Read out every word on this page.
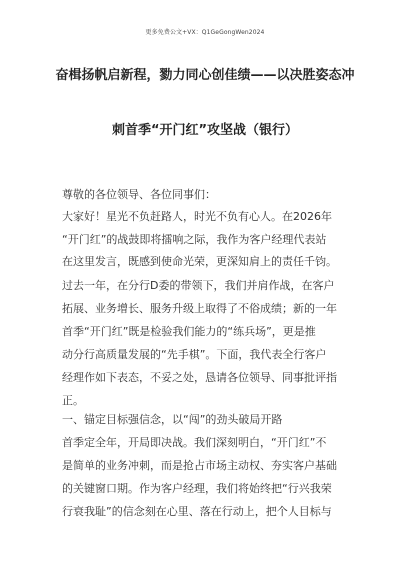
更多免费公文+VX：Q1GeGongWen2024
奋楫扬帆启新程，勠力同心创佳绩——以决胜姿态冲
刺首季“开门红”攻坚战（银行）
尊敬的各位领导、各位同事们：
大家好！星光不负赶路人，时光不负有心人。在2026年
“开门红”的战鼓即将擂响之际，我作为客户经理代表站
在这里发言，既感到使命光荣，更深知肩上的责任千钧。
过去一年，在分行D委的带领下，我们并肩作战，在客户
拓展、业务增长、服务升级上取得了不俗成绩；新的一年
首季“开门红”既是检验我们能力的“练兵场”，更是推
动分行高质量发展的“先手棋”。下面，我代表全行客户
经理作如下表态，不妥之处，恳请各位领导、同事批评指
正。
一、锚定目标强信念，以“闯”的劲头破局开路
首季定全年，开局即决战。我们深刻明白，“开门红”不
是简单的业务冲刺，而是抢占市场主动权、夯实客户基础
的关键窗口期。作为客户经理，我们将始终把“行兴我荣
行衰我耻”的信念刻在心里、落在行动上，把个人目标与
